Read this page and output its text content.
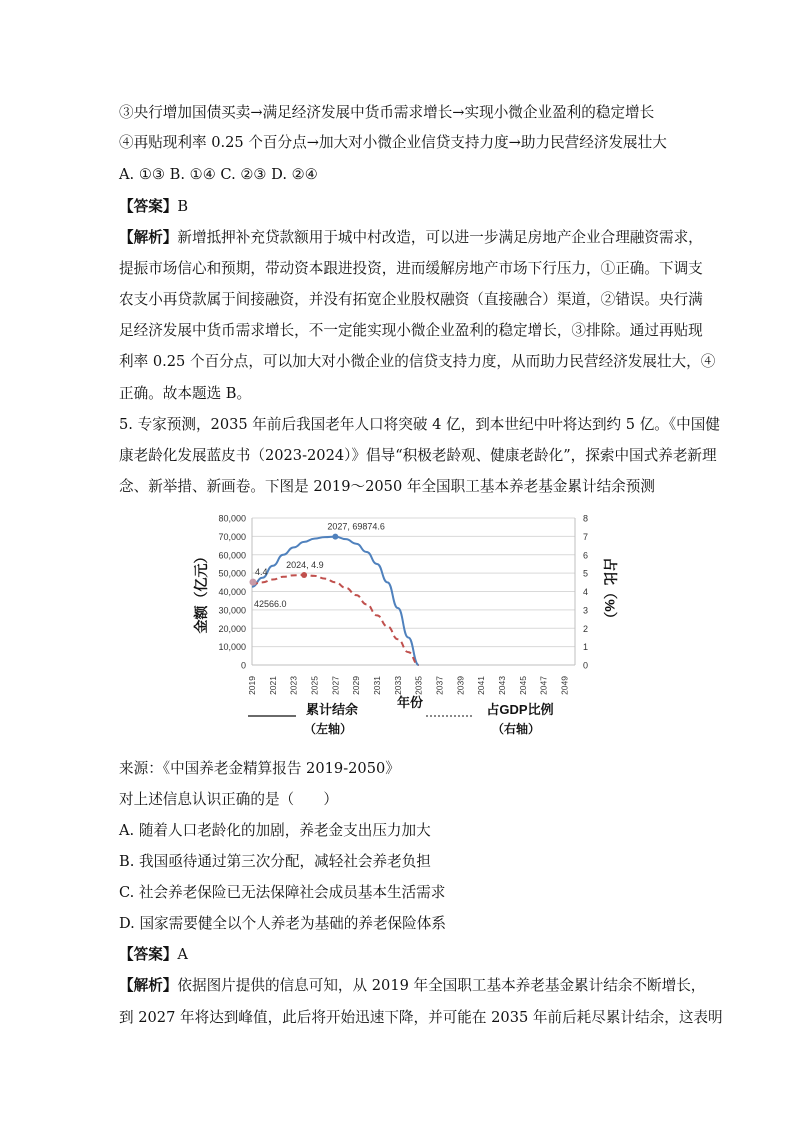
③央行增加国债买卖→满足经济发展中货币需求增长→实现小微企业盈利的稳定增长
④再贴现利率 0.25 个百分点→加大对小微企业信贷支持力度→助力民营经济发展壮大
A. ①③ B. ①④ C. ②③ D. ②④
【答案】B
【解析】新增抵押补充贷款额用于城中村改造，可以进一步满足房地产企业合理融资需求，
提振市场信心和预期，带动资本跟进投资，进而缓解房地产市场下行压力，①正确。下调支
农支小再贷款属于间接融资，并没有拓宽企业股权融资（直接融合）渠道，②错误。央行满
足经济发展中货币需求增长，不一定能实现小微企业盈利的稳定增长，③排除。通过再贴现
利率 0.25 个百分点，可以加大对小微企业的信贷支持力度，从而助力民营经济发展壮大，④
正确。故本题选 B。
5. 专家预测，2035 年前后我国老年人口将突破 4 亿，到本世纪中叶将达到约 5 亿。《中国健
康老龄化发展蓝皮书（2023-2024）》倡导“积极老龄观、健康老龄化”，探索中国式养老新理
念、新举措、新画卷。下图是 2019～2050 年全国职工基本养老基金累计结余预测
0
10,000
20,000
30,000
40,000
50,000
60,000
70,000
80,000
0
1
2
3
4
5
6
7
8
2019 2021 2023 2025 2027 2029 2031 2033 2035 2037 2039 2041 2043 2045 2047 2049
金额（亿元）	占比（%）
年份
2027, 69874.6
2024, 4.9
4.4
42566.0
累计结余
（左轴）
占GDP比例
（右轴）
来源：《中国养老金精算报告 2019-2050》
对上述信息认识正确的是（　　）
A. 随着人口老龄化的加剧，养老金支出压力加大
B. 我国亟待通过第三次分配，减轻社会养老负担
C. 社会养老保险已无法保障社会成员基本生活需求
D. 国家需要健全以个人养老为基础的养老保险体系
【答案】A
【解析】依据图片提供的信息可知，从 2019 年全国职工基本养老基金累计结余不断增长，
到 2027 年将达到峰值，此后将开始迅速下降，并可能在 2035 年前后耗尽累计结余，这表明
